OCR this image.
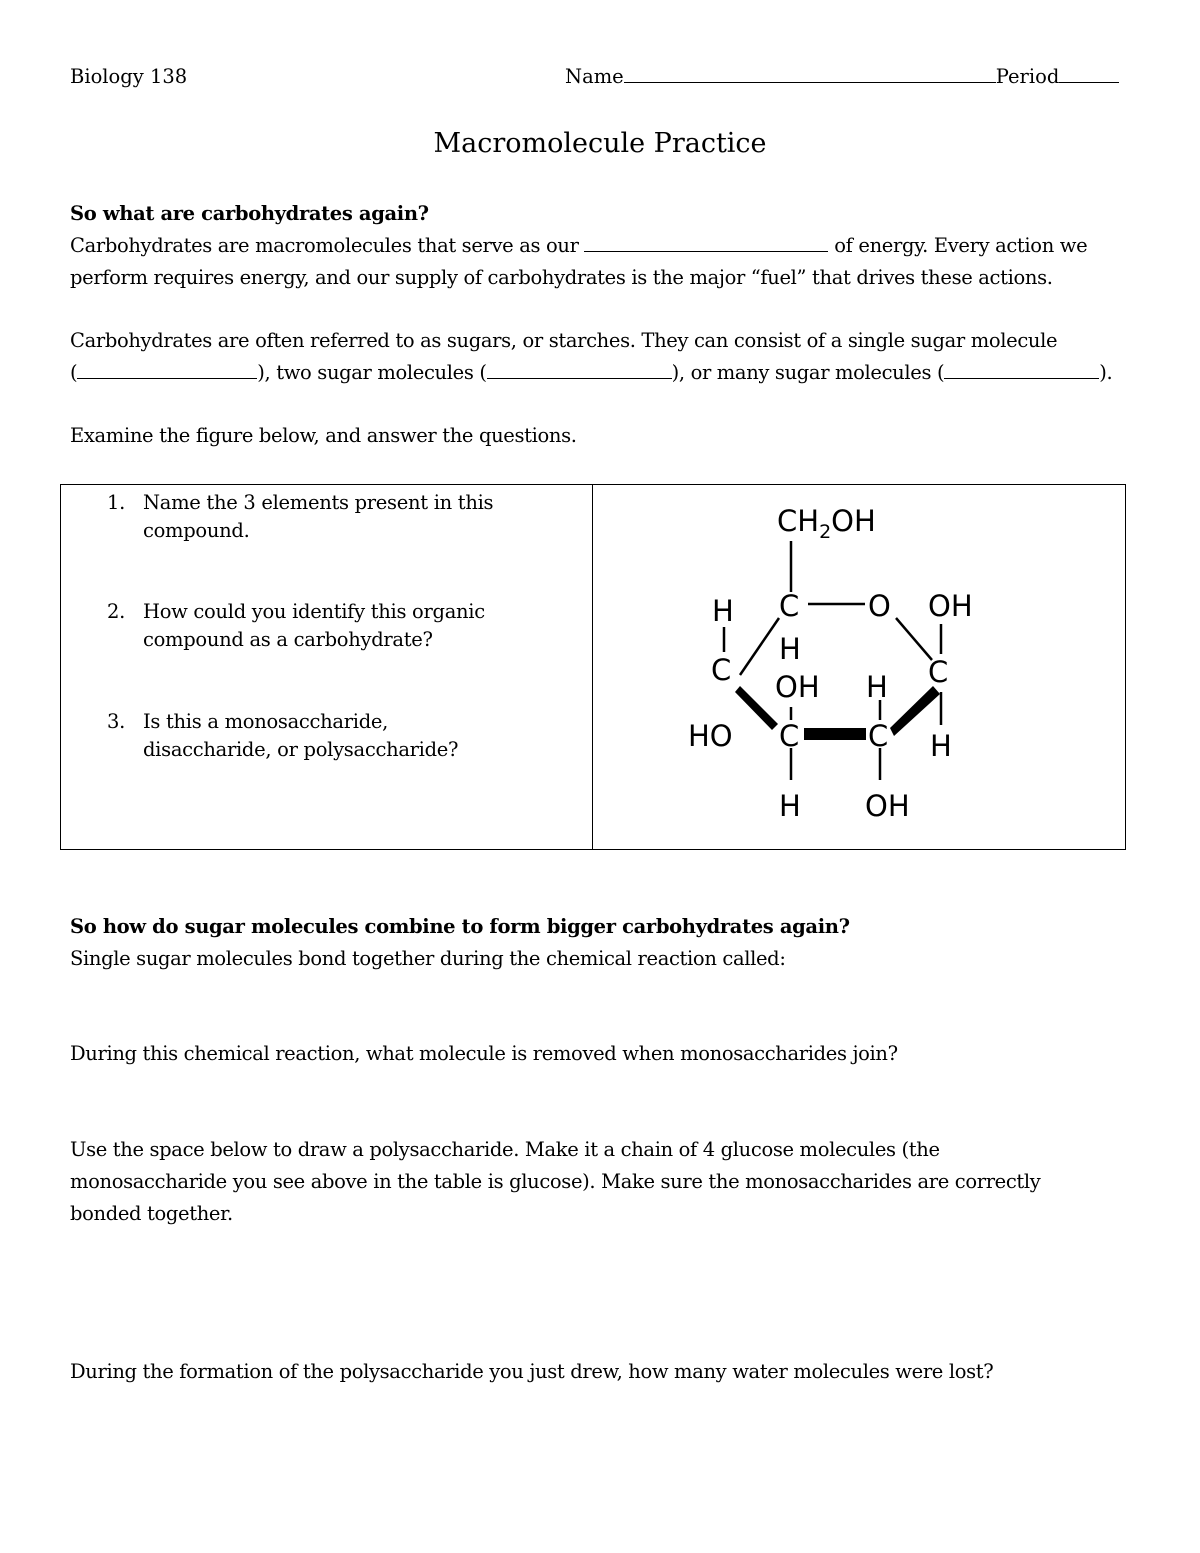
Biology 138	Name	Period
Macromolecule Practice

So what are carbohydrates again?

Carbohydrates are macromolecules that serve as our	of energy. Every action we

perform requires energy, and our supply of carbohydrates is the major “fuel” that drives these actions.

Carbohydrates are often referred to as sugars, or starches. They can consist of a single sugar molecule

(	), two sugar molecules (	), or many sugar molecules (	).

Examine the figure below, and answer the questions.
1. Name the 3 elements present in this
compound.
2. How could you identify this organic
compound as a carbohydrate?
3. Is this a monosaccharide,
disaccharide, or polysaccharide?

$CH_2OH$
H C O OH
H
C	C
OH H
HO C C H
H OH

So how do sugar molecules combine to form bigger carbohydrates again?

Single sugar molecules bond together during the chemical reaction called:

During this chemical reaction, what molecule is removed when monosaccharides join?

Use the space below to draw a polysaccharide. Make it a chain of 4 glucose molecules (the

monosaccharide you see above in the table is glucose). Make sure the monosaccharides are correctly

bonded together.

During the formation of the polysaccharide you just drew, how many water molecules were lost?
